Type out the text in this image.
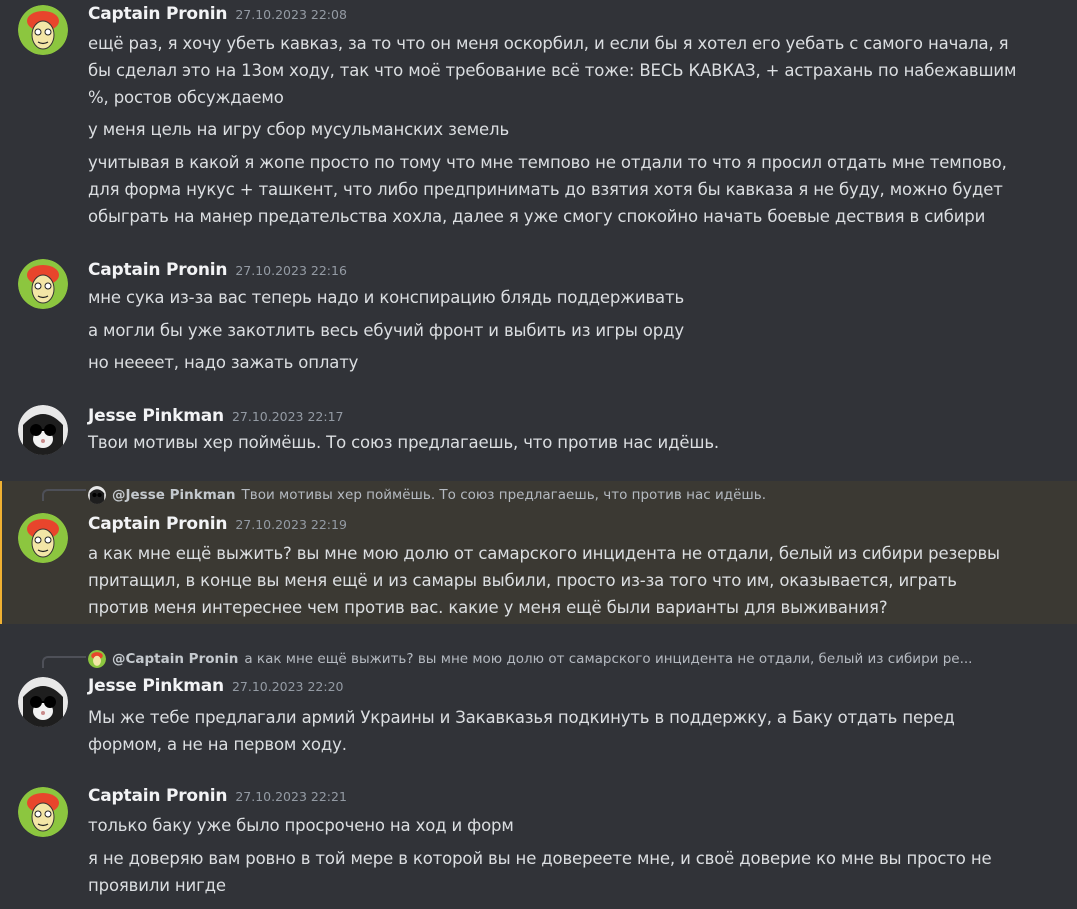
Captain Pronin 27.10.2023 22:08
ещё раз, я хочу убеть кавказ, за то что он меня оскорбил, и если бы я хотел его уебать с самого начала, я
бы сделал это на 13ом ходу, так что моё требование всё тоже: ВЕСЬ КАВКАЗ, + астрахань по набежавшим
%, ростов обсуждаемо
у меня цель на игру сбор мусульманских земель
учитывая в какой я жопе просто по тому что мне темпово не отдали то что я просил отдать мне темпово,
для форма нукус + ташкент, что либо предпринимать до взятия хотя бы кавказа я не буду, можно будет
обыграть на манер предательства хохла, далее я уже смогу спокойно начать боевые дествия в сибири
Captain Pronin 27.10.2023 22:16
мне сука из-за вас теперь надо и конспирацию блядь поддерживать
а могли бы уже закотлить весь ебучий фронт и выбить из игры орду
но неееет, надо зажать оплату
Jesse Pinkman 27.10.2023 22:17
Твои мотивы хер поймёшь. То союз предлагаешь, что против нас идёшь.
@Jesse Pinkman Твои мотивы хер поймёшь. То союз предлагаешь, что против нас идёшь.
Captain Pronin 27.10.2023 22:19
а как мне ещё выжить? вы мне мою долю от самарского инцидента не отдали, белый из сибири резервы
притащил, в конце вы меня ещё и из самары выбили, просто из-за того что им, оказывается, играть
против меня интереснее чем против вас. какие у меня ещё были варианты для выживания?
@Captain Pronin а как мне ещё выжить? вы мне мою долю от самарского инцидента не отдали, белый из сибири ре...
Jesse Pinkman 27.10.2023 22:20
Мы же тебе предлагали армий Украины и Закавказья подкинуть в поддержку, а Баку отдать перед
формом, а не на первом ходу.
Captain Pronin 27.10.2023 22:21
только баку уже было просрочено на ход и форм
я не доверяю вам ровно в той мере в которой вы не довереете мне, и своё доверие ко мне вы просто не
проявили нигде
